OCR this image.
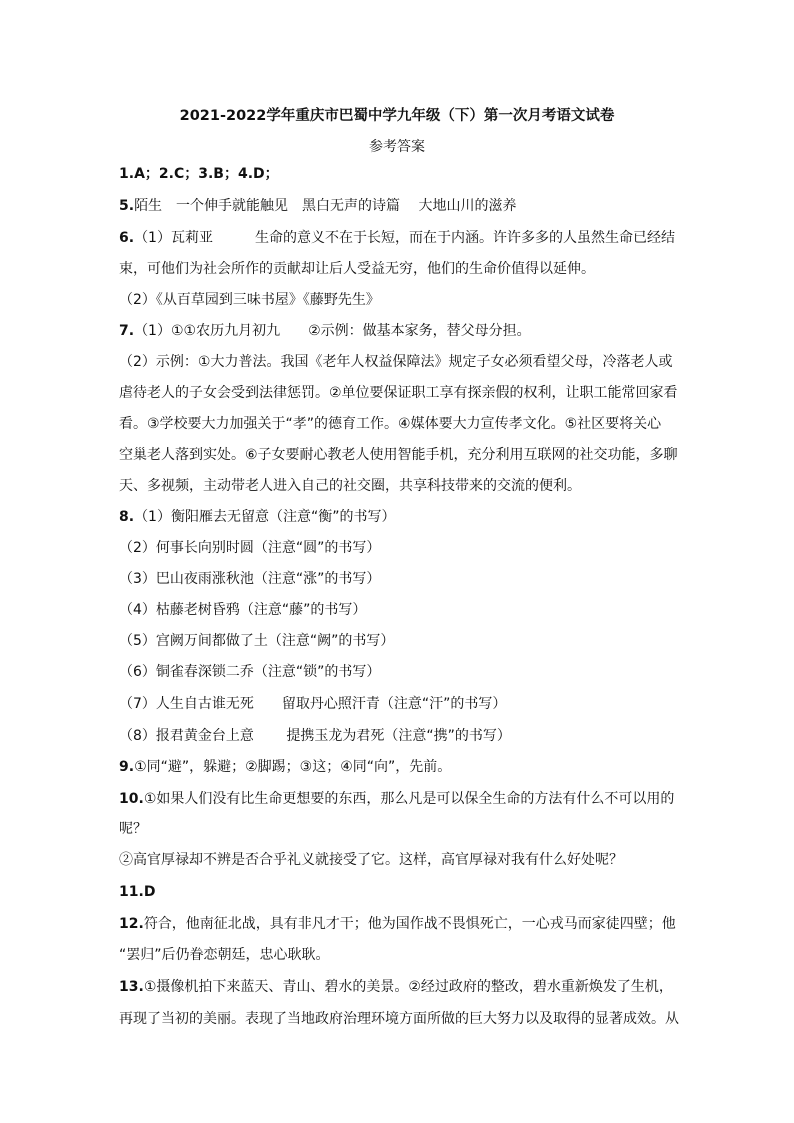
2021-2022学年重庆市巴蜀中学九年级（下）第一次月考语文试卷
参考答案
1.A；2.C；3.B；4.D；
5.陌生　一个伸手就能触见　黑白无声的诗篇　 大地山川的滋养
6.（1）瓦莉亚　　　生命的意义不在于长短，而在于内涵。许许多多的人虽然生命已经结
束，可他们为社会所作的贡献却让后人受益无穷，他们的生命价值得以延伸。
（2）《从百草园到三味书屋》《藤野先生》
7.（1）①①农历九月初九　　②示例：做基本家务，替父母分担。
（2）示例：①大力普法。我国《老年人权益保障法》规定子女必须看望父母，冷落老人或
虐待老人的子女会受到法律惩罚。②单位要保证职工享有探亲假的权利，让职工能常回家看
看。③学校要大力加强关于“孝”的德育工作。④媒体要大力宣传孝文化。⑤社区要将关心
空巢老人落到实处。⑥子女要耐心教老人使用智能手机，充分利用互联网的社交功能，多聊
天、多视频，主动带老人进入自己的社交圈，共享科技带来的交流的便利。
8.（1）衡阳雁去无留意（注意“衡”的书写）
（2）何事长向别时圆（注意“圆”的书写）
（3）巴山夜雨涨秋池（注意“涨”的书写）
（4）枯藤老树昏鸦（注意“藤”的书写）
（5）宫阙万间都做了土（注意“阙”的书写）
（6）铜雀春深锁二乔（注意“锁”的书写）
（7）人生自古谁无死　　留取丹心照汗青（注意“汗”的书写）
（8）报君黄金台上意　　 提携玉龙为君死（注意“携”的书写）
9.①同“避”，躲避；②脚踢；③这；④同“向”，先前。
10.①如果人们没有比生命更想要的东西，那么凡是可以保全生命的方法有什么不可以用的
呢？
②高官厚禄却不辨是否合乎礼义就接受了它。这样，高官厚禄对我有什么好处呢？
11.D
12.符合，他南征北战，具有非凡才干；他为国作战不畏惧死亡，一心戎马而家徒四壁；他
“罢归”后仍眷恋朝廷，忠心耿耿。
13.①摄像机拍下来蓝天、青山、碧水的美景。②经过政府的整改，碧水重新焕发了生机，
再现了当初的美丽。表现了当地政府治理环境方面所做的巨大努力以及取得的显著成效。从
